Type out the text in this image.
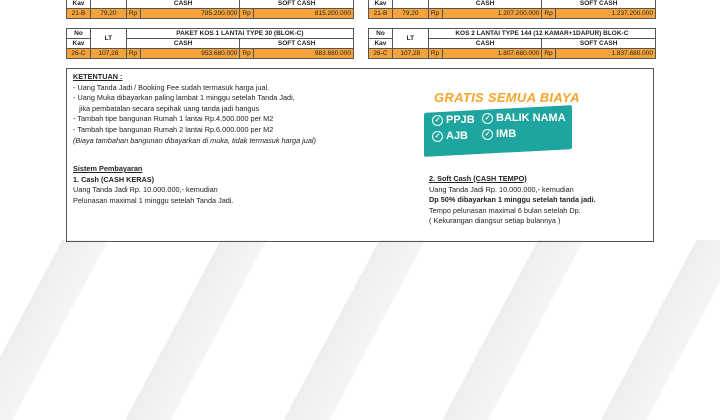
Kav		CASH		SOFT CASH	
21-B	79,20	Rp	785.200.000	Rp	815.200.000
Kav		CASH		SOFT CASH	
21-B	79,20	Rp	1.207.200.000	Rp	1.237.200.000
No	LT	PAKET KOS 1 LANTAI TYPE 30 (BLOK-C)			
Kav		CASH		SOFT CASH	
26-C	107,28	Rp	953.680.000	Rp	983.680.000
No	LT	KOS 2 LANTAI TYPE 144 (12 KAMAR+1DAPUR) BLOK-C			
Kav		CASH		SOFT CASH	
26-C	107,28	Rp	1.807.680.000	Rp	1.837.680.000
KETENTUAN :
- Uang Tanda Jadi / Booking Fee sudah termasuk harga jual.
- Uang Muka dibayarkan paling lambat 1 minggu setelah Tanda Jadi,
jika pembatalan secara sepihak uang tanda jadi hangus
- Tambah tipe bangunan Rumah 1 lantai Rp.4.500.000 per M2
- Tambah tipe bangunan Rumah 2 lantai Rp.6.000.000 per M2
(Biaya tambahan bangunan dibayarkan di muka, tidak termasuk harga jual)
Sistem Pembayaran
1. Cash (CASH KERAS)
Uang Tanda Jadi Rp. 10.000.000,- kemudian
Pelunasan maximal 1 minggu setelah Tanda Jadi.
2. Soft Cash (CASH TEMPO)
Uang Tanda Jadi Rp. 10.000.000,- kemudian
Dp 50% dibayarkan 1 minggu setelah tanda jadi.
Tempo pelunasan maximal 6 bulan setelah Dp.
( Kekurangan diangsur setiap bulannya )
GRATIS SEMUA BIAYA
✓ PPJB	✓ BALIK NAMA
✓ AJB	✓ IMB
